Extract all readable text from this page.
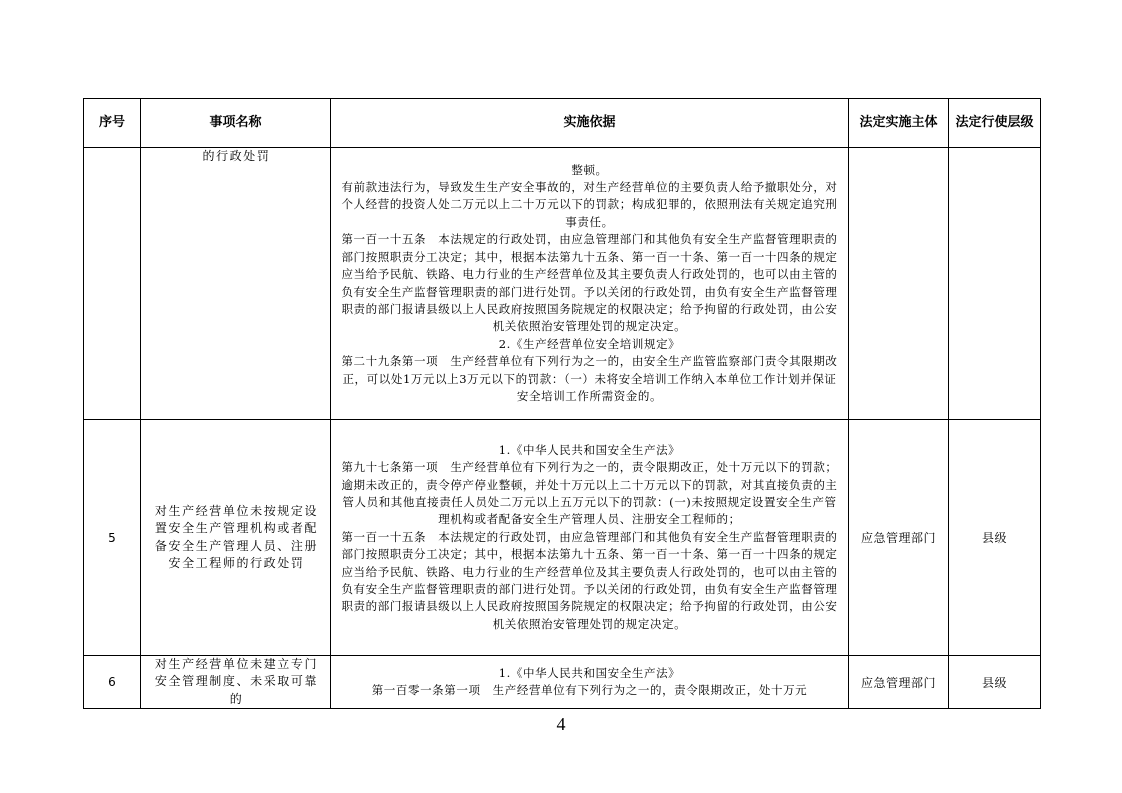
序号	事项名称	实施依据	法定实施主体	法定行使层级
	的行政处罚	整顿。

有前款违法行为，导致发生生产安全事故的，对生产经营单位的主要负责人给予撤职处分，对个人经营的投资人处二万元以上二十万元以下的罚款；构成犯罪的，依照刑法有关规定追究刑事责任。

第一百一十五条　本法规定的行政处罚，由应急管理部门和其他负有安全生产监督管理职责的部门按照职责分工决定；其中，根据本法第九十五条、第一百一十条、第一百一十四条的规定应当给予民航、铁路、电力行业的生产经营单位及其主要负责人行政处罚的，也可以由主管的负有安全生产监督管理职责的部门进行处罚。予以关闭的行政处罚，由负有安全生产监督管理职责的部门报请县级以上人民政府按照国务院规定的权限决定；给予拘留的行政处罚，由公安机关依照治安管理处罚的规定决定。

2.《生产经营单位安全培训规定》

第二十九条第一项　生产经营单位有下列行为之一的，由安全生产监管监察部门责令其限期改正，可以处1万元以上3万元以下的罚款：（一）未将安全培训工作纳入本单位工作计划并保证安全培训工作所需资金的。		

5	对生产经营单位未按规定设置安全生产管理机构或者配备安全生产管理人员、注册安全工程师的行政处罚	1.《中华人民共和国安全生产法》

第九十七条第一项　生产经营单位有下列行为之一的，责令限期改正，处十万元以下的罚款；逾期未改正的，责令停产停业整顿，并处十万元以上二十万元以下的罚款，对其直接负责的主管人员和其他直接责任人员处二万元以上五万元以下的罚款：(一)未按照规定设置安全生产管理机构或者配备安全生产管理人员、注册安全工程师的；

第一百一十五条　本法规定的行政处罚，由应急管理部门和其他负有安全生产监督管理职责的部门按照职责分工决定；其中，根据本法第九十五条、第一百一十条、第一百一十四条的规定应当给予民航、铁路、电力行业的生产经营单位及其主要负责人行政处罚的，也可以由主管的负有安全生产监督管理职责的部门进行处罚。予以关闭的行政处罚，由负有安全生产监督管理职责的部门报请县级以上人民政府按照国务院规定的权限决定；给予拘留的行政处罚，由公安机关依照治安管理处罚的规定决定。	应急管理部门	县级
6	对生产经营单位未建立专门安全管理制度、未采取可靠的	1.《中华人民共和国安全生产法》

第一百零一条第一项　生产经营单位有下列行为之一的，责令限期改正，处十万元	应急管理部门	县级
4
